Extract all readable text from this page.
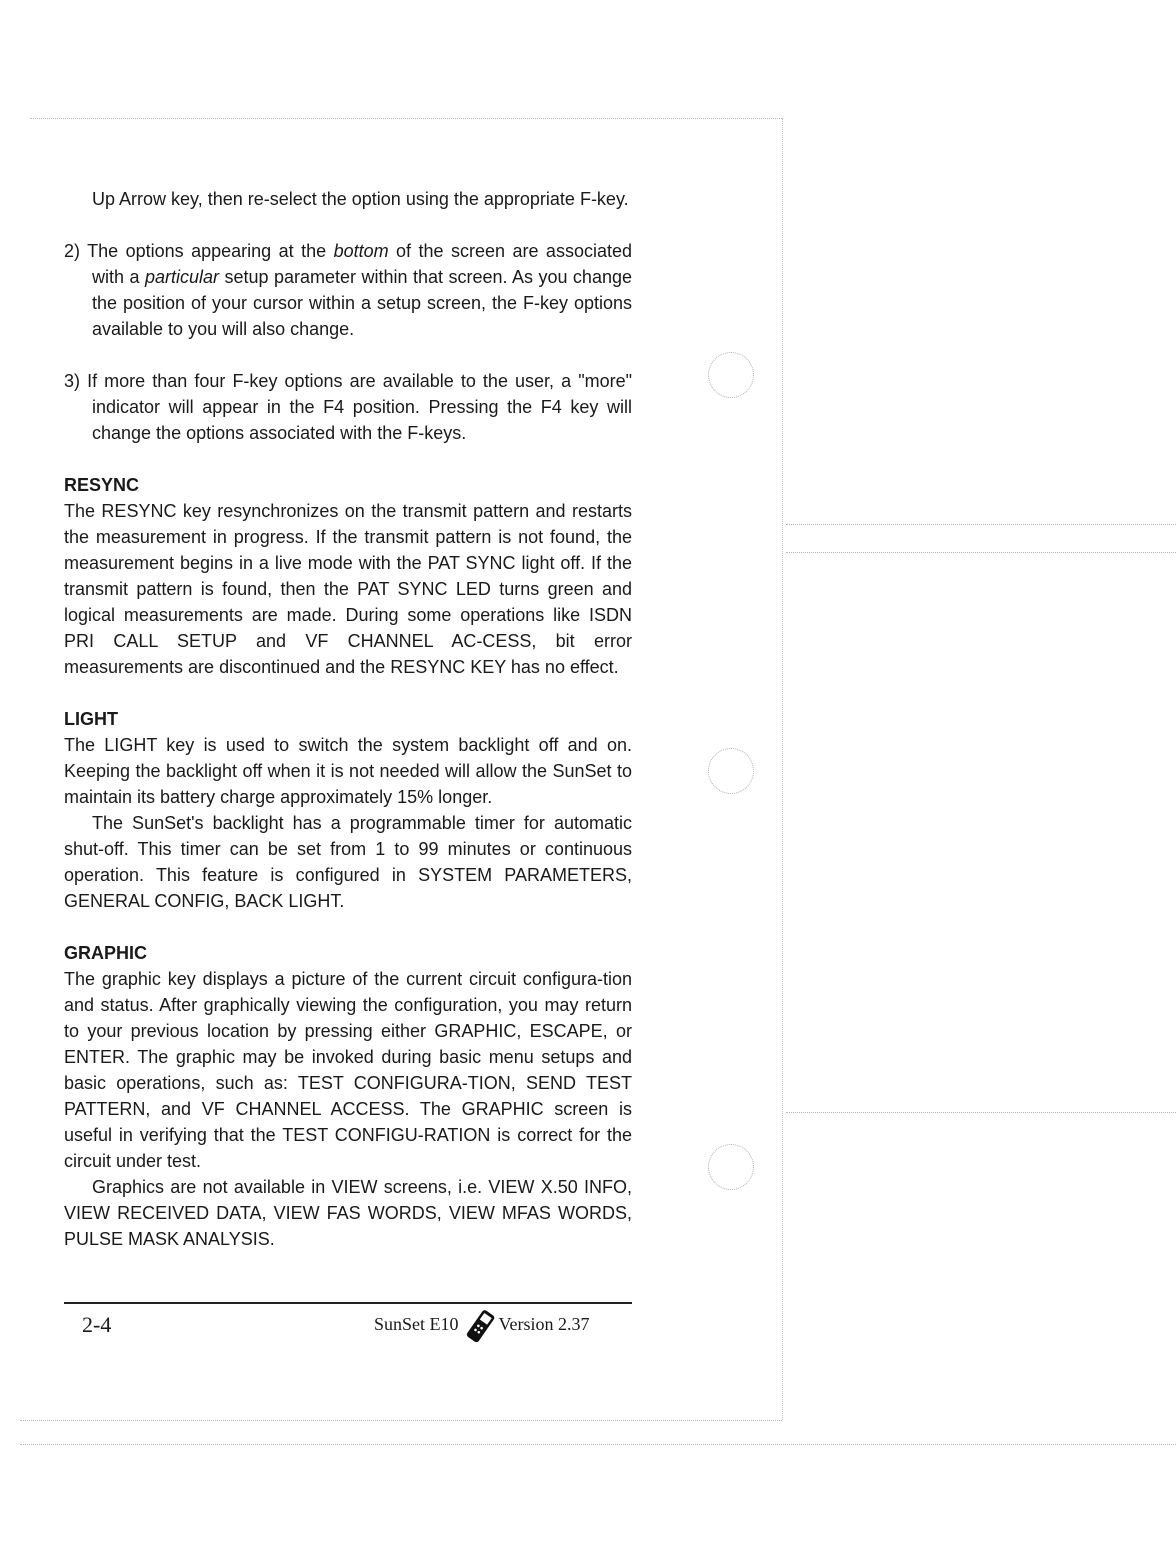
Up Arrow key, then re-select the option using the appropriate F-key.

2) The options appearing at the bottom of the screen are associated with a particular setup parameter within that screen. As you change the position of your cursor within a setup screen, the F-key options available to you will also change.

3) If more than four F-key options are available to the user, a "more" indicator will appear in the F4 position. Pressing the F4 key will change the options associated with the F-keys.

RESYNC

The RESYNC key resynchronizes on the transmit pattern and restarts the measurement in progress. If the transmit pattern is not found, the measurement begins in a live mode with the PAT SYNC light off. If the transmit pattern is found, then the PAT SYNC LED turns green and logical measurements are made. During some operations like ISDN PRI CALL SETUP and VF CHANNEL AC-CESS, bit error measurements are discontinued and the RESYNC KEY has no effect.

LIGHT

The LIGHT key is used to switch the system backlight off and on. Keeping the backlight off when it is not needed will allow the SunSet to maintain its battery charge approximately 15% longer.

The SunSet's backlight has a programmable timer for automatic shut-off. This timer can be set from 1 to 99 minutes or continuous operation. This feature is configured in SYSTEM PARAMETERS, GENERAL CONFIG, BACK LIGHT.

GRAPHIC

The graphic key displays a picture of the current circuit configura-tion and status. After graphically viewing the configuration, you may return to your previous location by pressing either GRAPHIC, ESCAPE, or ENTER. The graphic may be invoked during basic menu setups and basic operations, such as: TEST CONFIGURA-TION, SEND TEST PATTERN, and VF CHANNEL ACCESS. The GRAPHIC screen is useful in verifying that the TEST CONFIGU-RATION is correct for the circuit under test.

Graphics are not available in VIEW screens, i.e. VIEW X.50 INFO, VIEW RECEIVED DATA, VIEW FAS WORDS, VIEW MFAS WORDS, PULSE MASK ANALYSIS.

2-4	SunSet E10 Version 2.37
